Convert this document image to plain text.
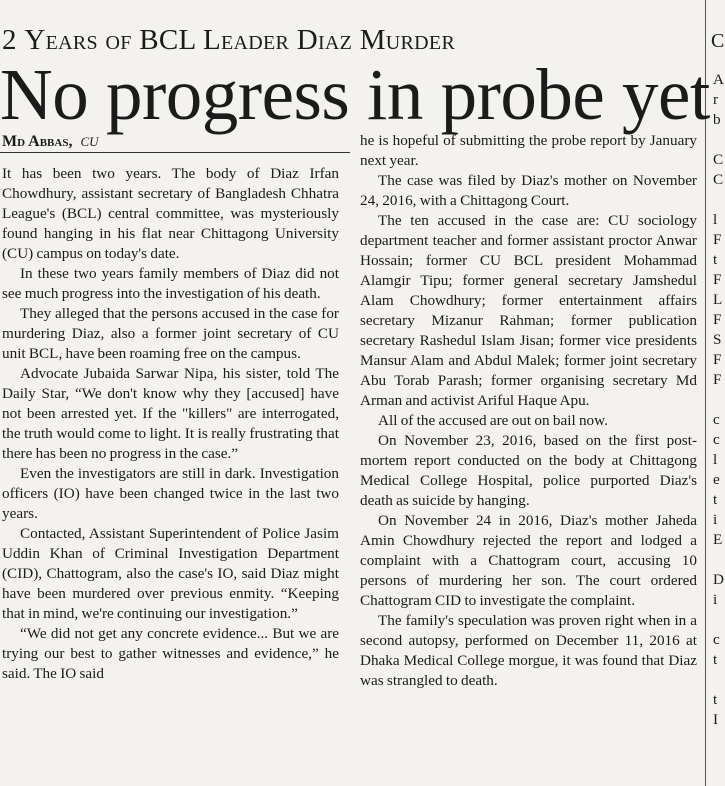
C
2 Years of BCL Leader Diaz Murder
No progress in probe yet
Md Abbas, CU

It has been two years. The body of Diaz Irfan Chowdhury, assistant secretary of Bangladesh Chhatra League's (BCL) central committee, was mysteriously found hanging in his flat near Chittagong University (CU) campus on today's date.

In these two years family members of Diaz did not see much progress into the investigation of his death.

They alleged that the persons accused in the case for murdering Diaz, also a former joint secretary of CU unit BCL, have been roaming free on the campus.

Advocate Jubaida Sarwar Nipa, his sister, told The Daily Star, “We don't know why they [accused] have not been arrested yet. If the "killers" are interrogated, the truth would come to light. It is really frustrating that there has been no progress in the case.”

Even the investigators are still in dark. Investigation officers (IO) have been changed twice in the last two years.

Contacted, Assistant Superintendent of Police Jasim Uddin Khan of Criminal Investigation Department (CID), Chattogram, also the case's IO, said Diaz might have been murdered over previous enmity. “Keeping that in mind, we're continuing our investigation.”

“We did not get any concrete evidence... But we are trying our best to gather witnesses and evidence,” he said. The IO said

he is hopeful of submitting the probe report by January next year.

The case was filed by Diaz's mother on November 24, 2016, with a Chittagong Court.

The ten accused in the case are: CU sociology department teacher and former assistant proctor Anwar Hossain; former CU BCL president Mohammad Alamgir Tipu; former general secretary Jamshedul Alam Chowdhury; former entertainment affairs secretary Mizanur Rahman; former publication secretary Rashedul Islam Jisan; former vice presidents Mansur Alam and Abdul Malek; former joint secretary Abu Torab Parash; former organising secretary Md Arman and activist Ariful Haque Apu.

All of the accused are out on bail now.

On November 23, 2016, based on the first post-mortem report conducted on the body at Chittagong Medical College Hospital, police purported Diaz's death as suicide by hanging.

On November 24 in 2016, Diaz's mother Jaheda Amin Chowdhury rejected the report and lodged a complaint with a Chattogram court, accusing 10 persons of murdering her son. The court ordered Chattogram CID to investigate the complaint.

The family's speculation was proven right when in a second autopsy, performed on December 11, 2016 at Dhaka Medical College morgue, it was found that Diaz was strangled to death.

A
r
b

C
C

l
F
t
F
L
F
S
F
F

c
c
l
e
t
i
E

D
i

c
t

t
I
